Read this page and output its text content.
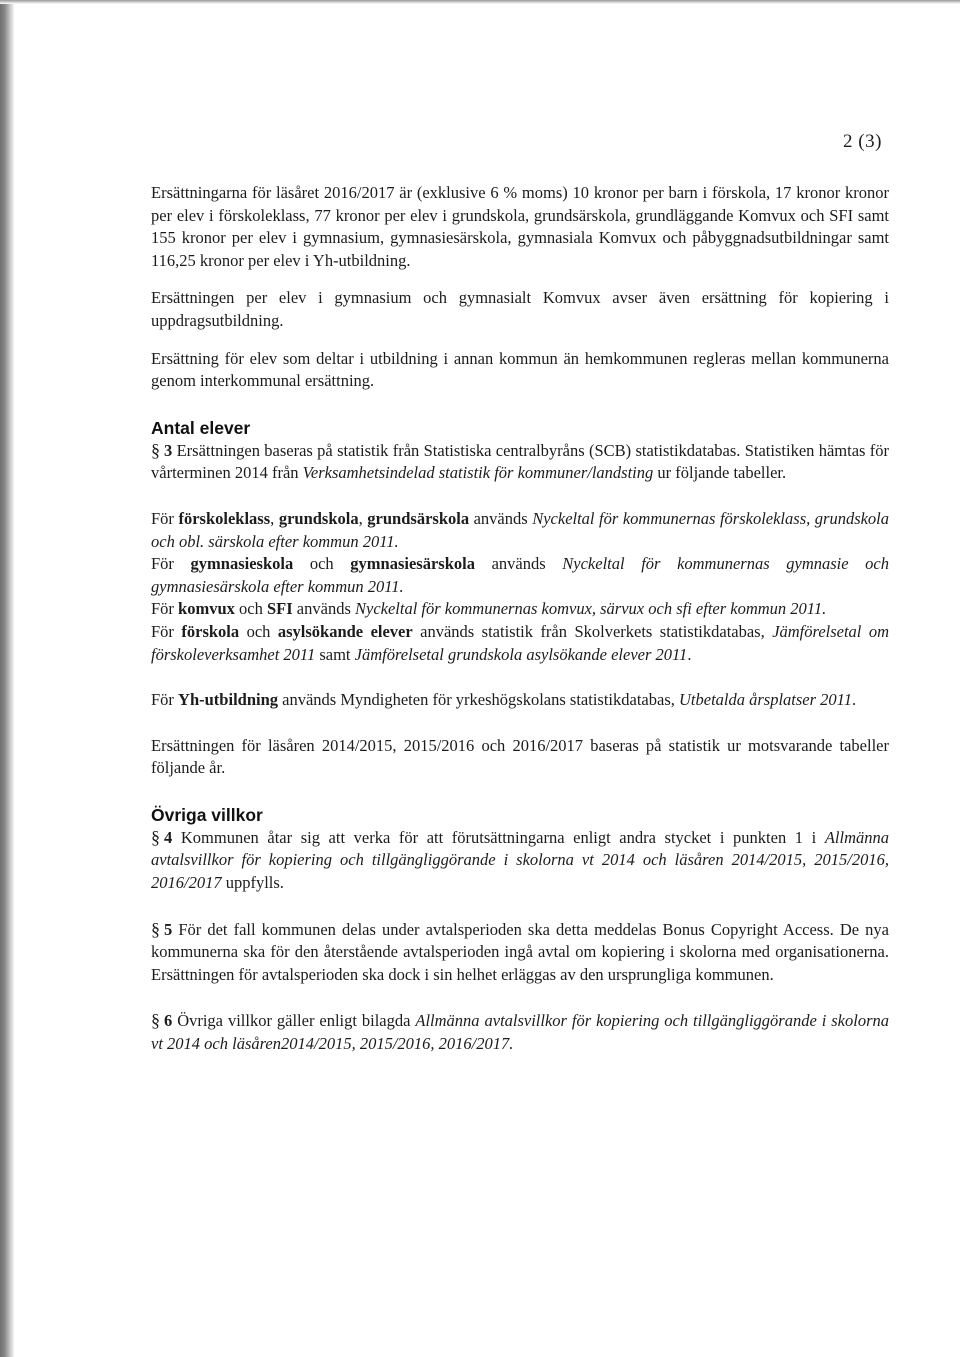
2 (3)

Ersättningarna för läsåret 2016/2017 är (exklusive 6 % moms) 10 kronor per barn i förskola, 17 kronor kronor per elev i förskoleklass, 77 kronor per elev i grundskola, grundsärskola, grundläggande Komvux och SFI samt 155 kronor per elev i gymnasium, gymnasiesärskola, gymnasiala Komvux och påbyggnadsutbildningar samt 116,25 kronor per elev i Yh-utbildning.

Ersättningen per elev i gymnasium och gymnasialt Komvux avser även ersättning för kopiering i uppdragsutbildning.

Ersättning för elev som deltar i utbildning i annan kommun än hemkommunen regleras mellan kommunerna genom interkommunal ersättning.

Antal elever

§ 3 Ersättningen baseras på statistik från Statistiska centralbyråns (SCB) statistikdatabas. Statistiken hämtas för vårterminen 2014 från Verksamhetsindelad statistik för kommuner/landsting ur följande tabeller.

För förskoleklass, grundskola, grundsärskola används Nyckeltal för kommunernas förskoleklass, grundskola och obl. särskola efter kommun 2011.

För gymnasieskola och gymnasiesärskola används Nyckeltal för kommunernas gymnasie och gymnasiesärskola efter kommun 2011.

För komvux och SFI används Nyckeltal för kommunernas komvux, särvux och sfi efter kommun 2011.

För förskola och asylsökande elever används statistik från Skolverkets statistikdatabas, Jämförelsetal om förskoleverksamhet 2011 samt Jämförelsetal grundskola asylsökande elever 2011.

För Yh-utbildning används Myndigheten för yrkeshögskolans statistikdatabas, Utbetalda årsplatser 2011.

Ersättningen för läsåren 2014/2015, 2015/2016 och 2016/2017 baseras på statistik ur motsvarande tabeller följande år.

Övriga villkor

§ 4 Kommunen åtar sig att verka för att förutsättningarna enligt andra stycket i punkten 1 i Allmänna avtalsvillkor för kopiering och tillgängliggörande i skolorna vt 2014 och läsåren 2014/2015, 2015/2016, 2016/2017 uppfylls.

§ 5 För det fall kommunen delas under avtalsperioden ska detta meddelas Bonus Copyright Access. De nya kommunerna ska för den återstående avtalsperioden ingå avtal om kopiering i skolorna med organisationerna. Ersättningen för avtalsperioden ska dock i sin helhet erläggas av den ursprungliga kommunen.

§ 6 Övriga villkor gäller enligt bilagda Allmänna avtalsvillkor för kopiering och tillgängliggörande i skolorna vt 2014 och läsåren2014/2015, 2015/2016, 2016/2017.
